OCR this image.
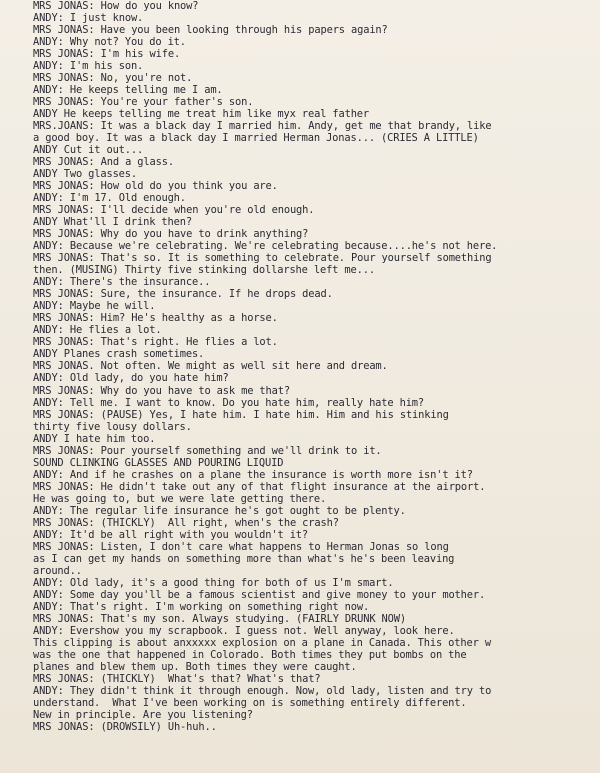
MRS JONAS: How do you know?
ANDY: I just know.
MRS JONAS: Have you been looking through his papers again?
ANDY: Why not? You do it.
MRS JONAS: I'm his wife.
ANDY: I'm his son.
MRS JONAS: No, you're not.
ANDY: He keeps telling me I am.
MRS JONAS: You're your father's son.
ANDY He keeps telling me treat him like myx real father
MRS.JOANS: It was a black day I married him. Andy, get me that brandy, like
a good boy. It was a black day I married Herman Jonas... (CRIES A LITTLE)
ANDY Cut it out...
MRS JONAS: And a glass.
ANDY Two glasses.
MRS JONAS: How old do you think you are.
ANDY: I'm 17. Old enough.
MRS JONAS: I'll decide when you're old enough.
ANDY What'll I drink then?
MRS JONAS: Why do you have to drink anything?
ANDY: Because we're celebrating. We're celebrating because....he's not here.
MRS JONAS: That's so. It is something to celebrate. Pour yourself something
then. (MUSING) Thirty five stinking dollarshe left me...
ANDY: There's the insurance..
MRS JONAS: Sure, the insurance. If he drops dead.
ANDY: Maybe he will.
MRS JONAS: Him? He's healthy as a horse.
ANDY: He flies a lot.
MRS JONAS: That's right. He flies a lot.
ANDY Planes crash sometimes.
MRS JONAS. Not often. We might as well sit here and dream.
ANDY: Old lady, do you hate him?
MRS JONAS: Why do you have to ask me that?
ANDY: Tell me. I want to know. Do you hate him, really hate him?
MRS JONAS: (PAUSE) Yes, I hate him. I hate him. Him and his stinking
thirty five lousy dollars.
ANDY I hate him too.
MRS JONAS: Pour yourself something and we'll drink to it.
SOUND CLINKING GLASSES AND POURING LIQUID
ANDY: And if he crashes on a plane the insurance is worth more isn't it?
MRS JONAS: He didn't take out any of that flight insurance at the airport.
He was going to, but we were late getting there.
ANDY: The regular life insurance he's got ought to be plenty.
MRS JONAS: (THICKLY)  All right, when's the crash?
ANDY: It'd be all right with you wouldn't it?
MRS JONAS: Listen, I don't care what happens to Herman Jonas so long
as I can get my hands on something more than what's he's been leaving
around..
ANDY: Old lady, it's a good thing for both of us I'm smart.
ANDY: Some day you'll be a famous scientist and give money to your mother.
ANDY: That's right. I'm working on something right now.
MRS JONAS: That's my son. Always studying. (FAIRLY DRUNK NOW)
ANDY: Evershow you my scrapbook. I guess not. Well anyway, look here.
This clipping is about anxxxxx explosion on a plane in Canada. This other w
was the one that happened in Colorado. Both times they put bombs on the
planes and blew them up. Both times they were caught.
MRS JONAS: (THICKLY)  What's that? What's that?
ANDY: They didn't think it through enough. Now, old lady, listen and try to
understand.  What I've been working on is something entirely different.
New in principle. Are you listening?
MRS JONAS: (DROWSILY) Uh-huh..
